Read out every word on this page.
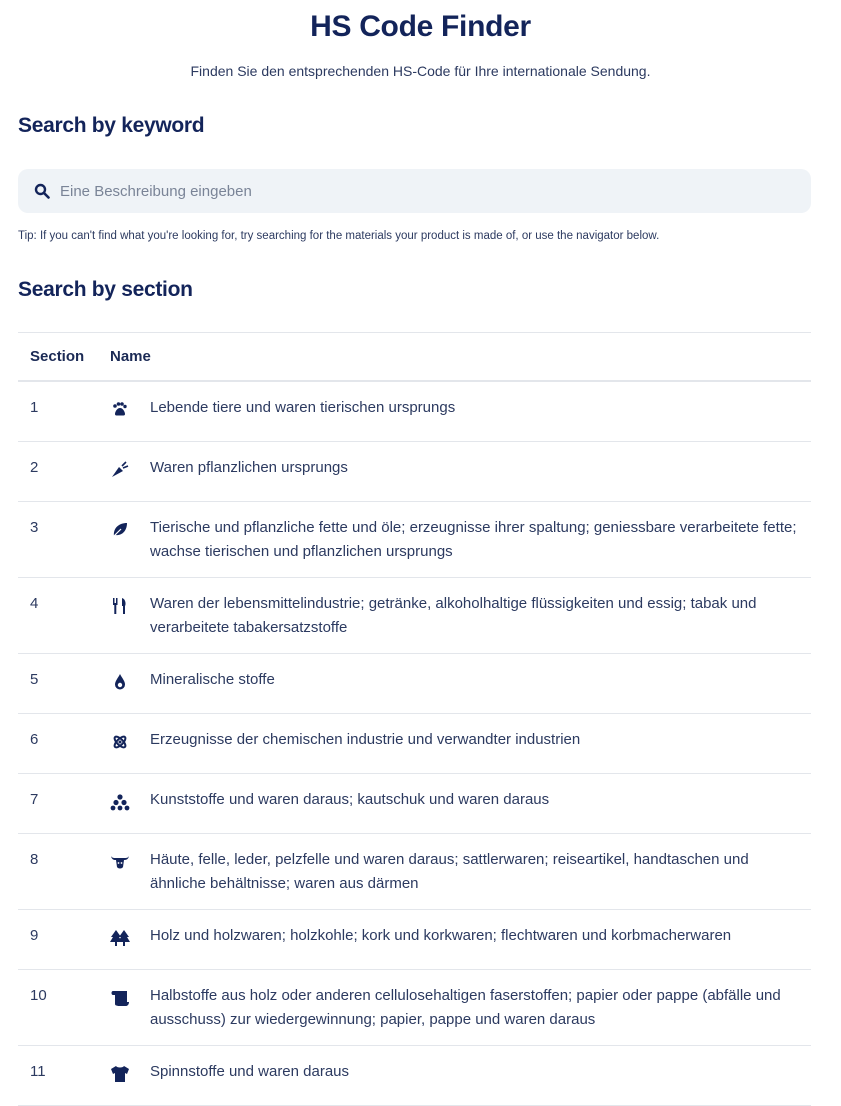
HS Code Finder
Finden Sie den entsprechenden HS-Code für Ihre internationale Sendung.
Search by keyword
Eine Beschreibung eingeben
Tip: If you can't find what you're looking for, try searching for the materials your product is made of, or use the navigator below.
Search by section
Section	Name	
1		Lebende tiere und waren tierischen ursprungs
2		Waren pflanzlichen ursprungs
3		Tierische und pflanzliche fette und öle; erzeugnisse ihrer spaltung; geniessbare verarbeitete fette; wachse tierischen und pflanzlichen ursprungs
4		Waren der lebensmittelindustrie; getränke, alkoholhaltige flüssigkeiten und essig; tabak und verarbeitete tabakersatzstoffe
5		Mineralische stoffe
6		Erzeugnisse der chemischen industrie und verwandter industrien
7		Kunststoffe und waren daraus; kautschuk und waren daraus
8		Häute, felle, leder, pelzfelle und waren daraus; sattlerwaren; reiseartikel, handtaschen und ähnliche behältnisse; waren aus därmen
9		Holz und holzwaren; holzkohle; kork und korkwaren; flechtwaren und korbmacherwaren
10		Halbstoffe aus holz oder anderen cellulosehaltigen faserstoffen; papier oder pappe (abfälle und ausschuss) zur wiedergewinnung; papier, pappe und waren daraus
11		Spinnstoffe und waren daraus
